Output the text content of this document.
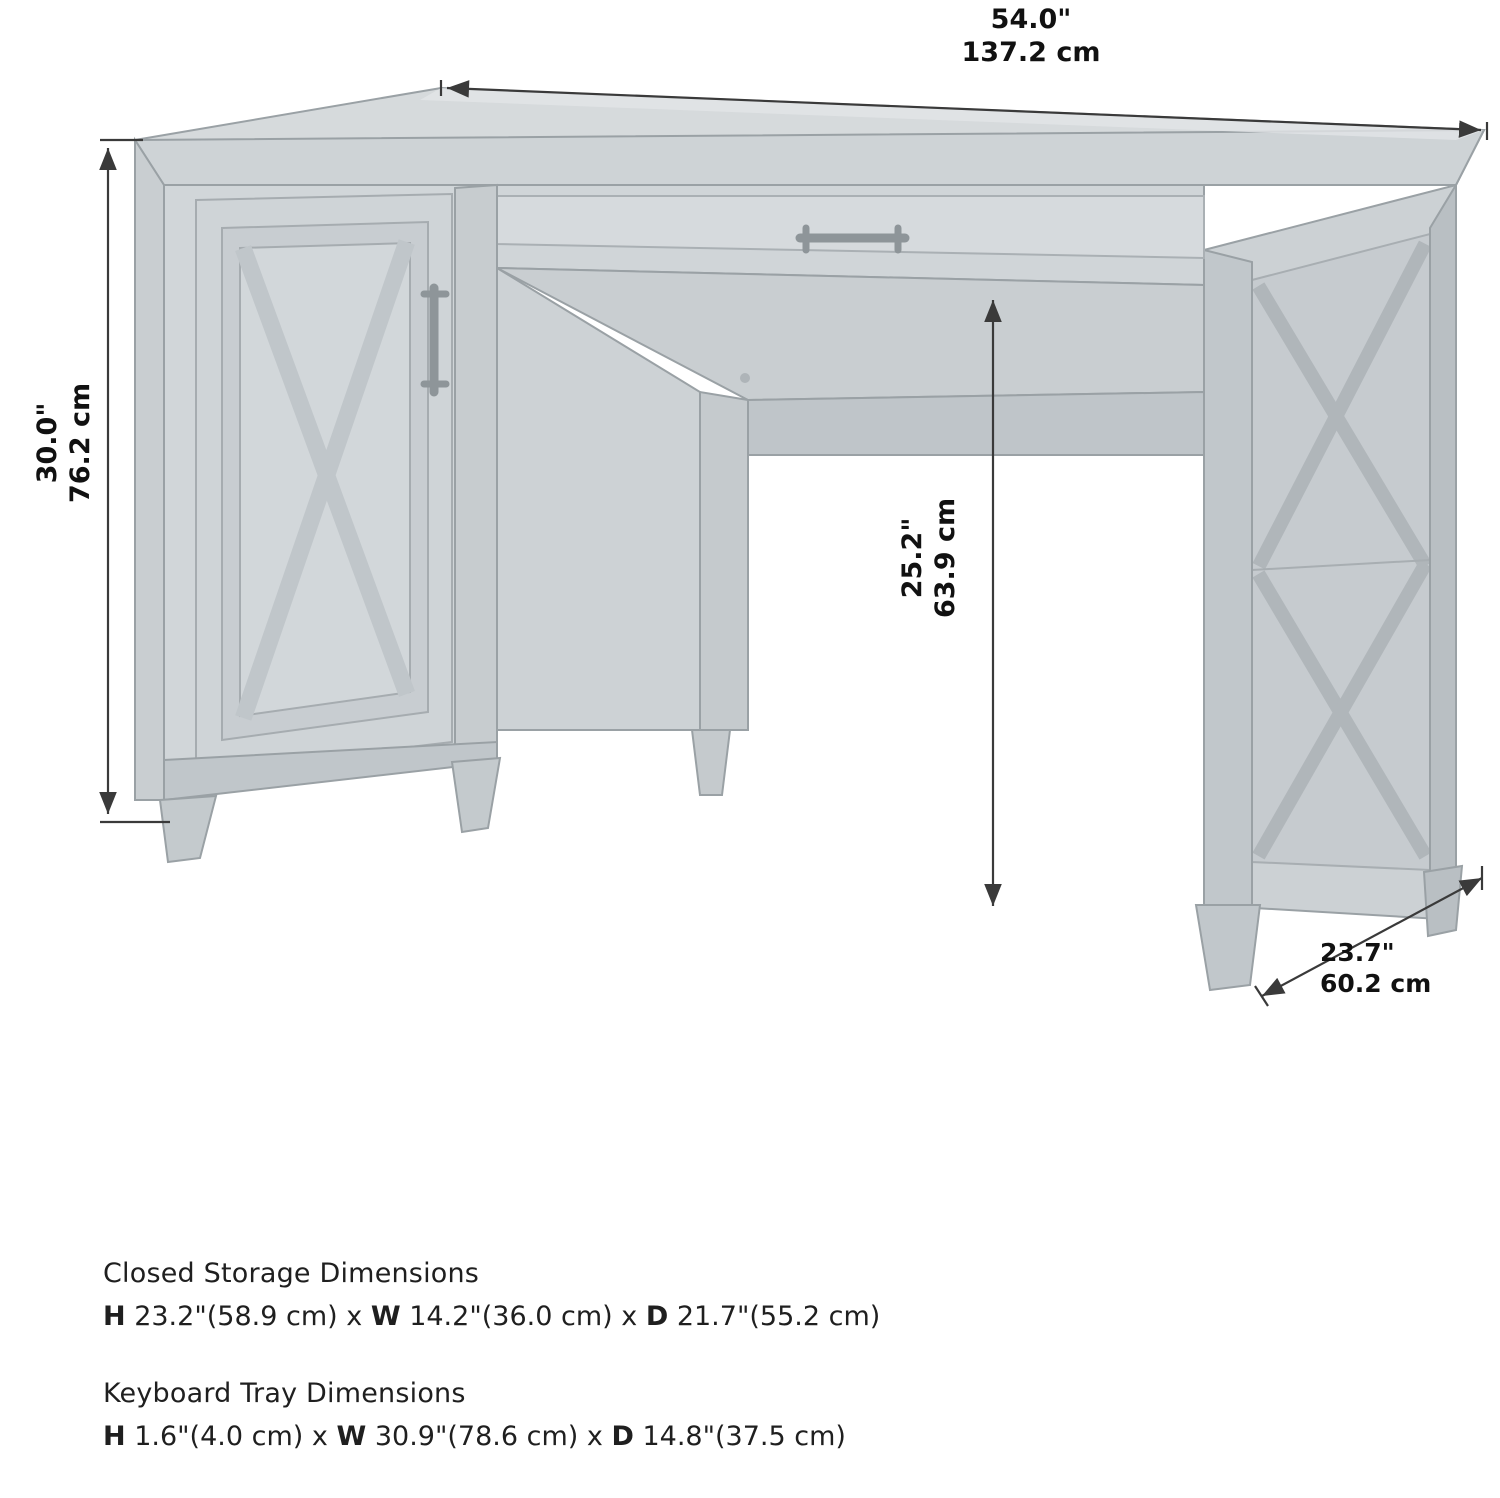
54.0"
137.2 cm
30.0" 76.2 cm
25.2" 63.9 cm
23.7"
60.2 cm
Closed Storage Dimensions
H 23.2"(58.9 cm) x W 14.2"(36.0 cm) x D 21.7"(55.2 cm)
Keyboard Tray Dimensions
H 1.6"(4.0 cm) x W 30.9"(78.6 cm) x D 14.8"(37.5 cm)
